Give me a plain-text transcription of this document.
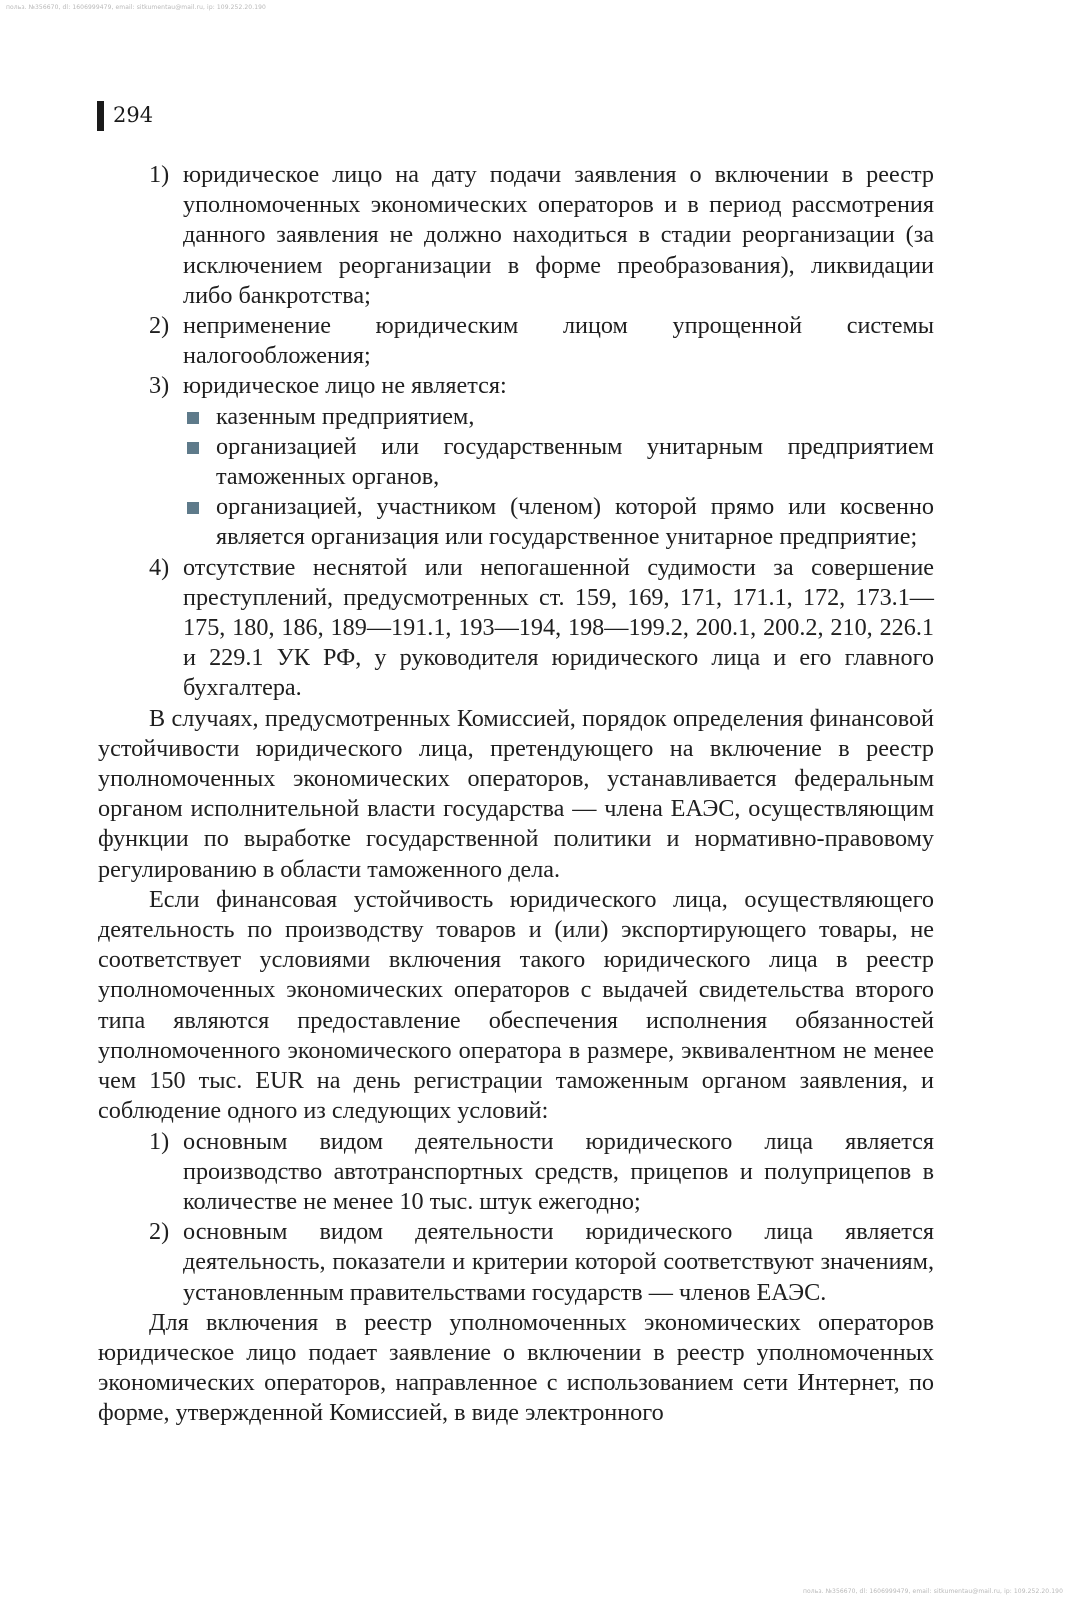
польз. №356670, dl: 1606999479, email: sitkumentau@mail.ru, ip: 109.252.20.190
294
1) юридическое лицо на дату подачи заявления о включении в реестр уполномоченных экономических операторов и в период рассмотрения данного заявления не должно находиться в стадии реорганизации (за исключением реорганизации в форме преобразования), ликвидации либо банкротства;
2) неприменение юридическим лицом упрощенной системы налогообложения;
3) юридическое лицо не является:
казенным предприятием,
организацией или государственным унитарным предприятием таможенных органов,
организацией, участником (членом) которой прямо или косвенно является организация или государственное унитарное предприятие;
4) отсутствие неснятой или непогашенной судимости за совершение преступлений, предусмотренных ст. 159, 169, 171, 171.1, 172, 173.1—175, 180, 186, 189—191.1, 193—194, 198—199.2, 200.1, 200.2, 210, 226.1 и 229.1 УК РФ, у руководителя юридического лица и его главного бухгалтера.

В случаях, предусмотренных Комиссией, порядок определения финансовой устойчивости юридического лица, претендующего на включение в реестр уполномоченных экономических операторов, устанавливается федеральным органом исполнительной власти государства — члена ЕАЭС, осуществляющим функции по выработке государственной политики и нормативно-правовому регулированию в области таможенного дела.

Если финансовая устойчивость юридического лица, осуществляющего деятельность по производству товаров и (или) экспортирующего товары, не соответствует условиями включения такого юридического лица в реестр уполномоченных экономических операторов с выдачей свидетельства второго типа являются предоставление обеспечения исполнения обязанностей уполномоченного экономического оператора в размере, эквивалентном не менее чем 150 тыс. EUR на день регистрации таможенным органом заявления, и соблюдение одного из следующих условий:

1) основным видом деятельности юридического лица является производство автотранспортных средств, прицепов и полуприцепов в количестве не менее 10 тыс. штук ежегодно;
2) основным видом деятельности юридического лица является деятельность, показатели и критерии которой соответствуют значениям, установленным правительствами государств — членов ЕАЭС.

Для включения в реестр уполномоченных экономических операторов юридическое лицо подает заявление о включении в реестр уполномоченных экономических операторов, направленное с использованием сети Интернет, по форме, утвержденной Комиссией, в виде электронного

польз. №356670, dl: 1606999479, email: sitkumentau@mail.ru, ip: 109.252.20.190
